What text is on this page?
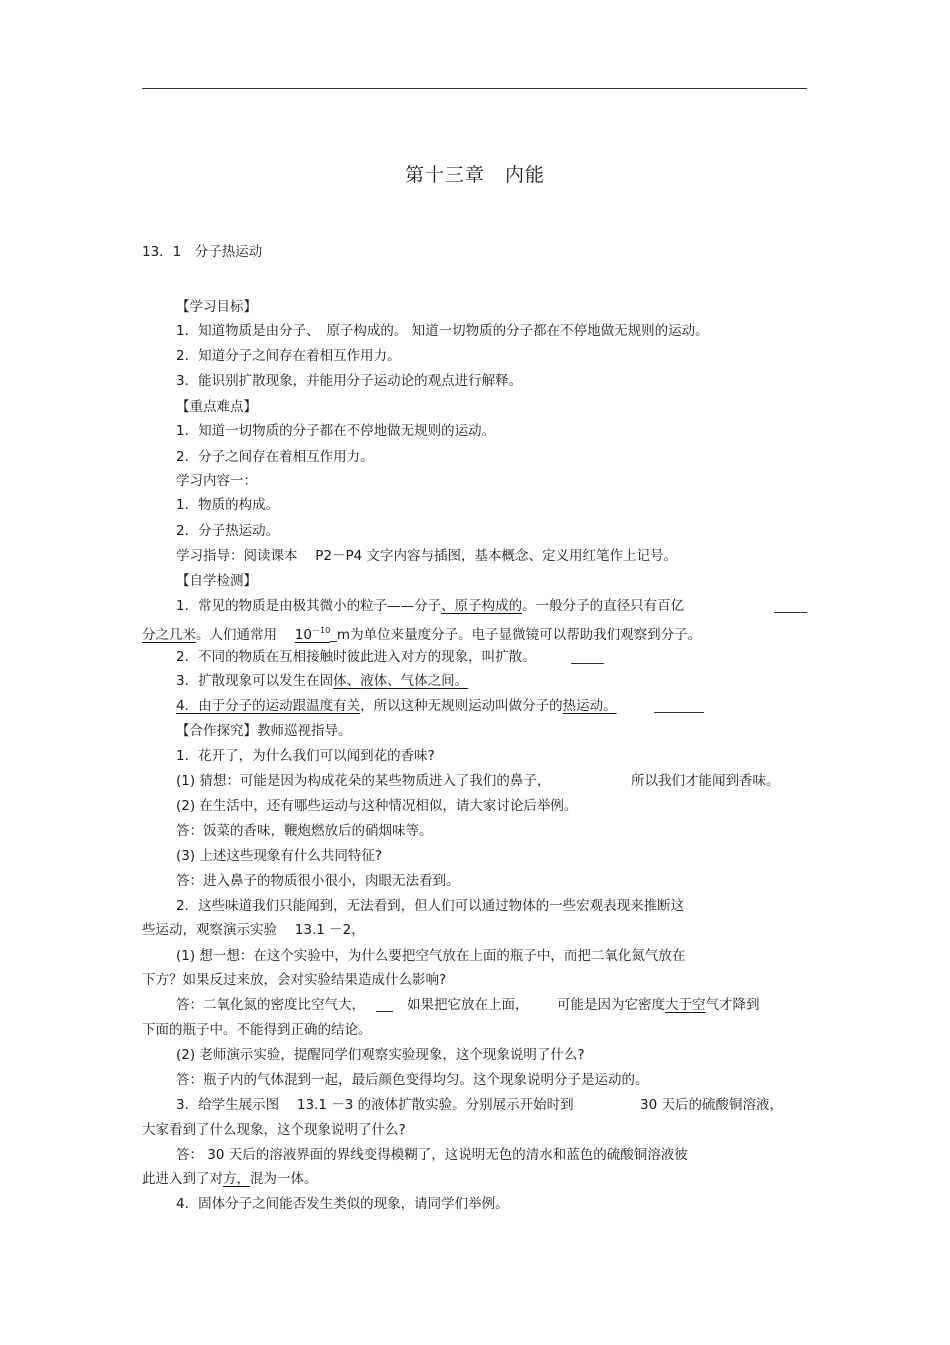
第十三章　内能
13．1　分子热运动
【学习目标】
1．知道物质是由分子、　原子构成的。 知道一切物质的分子都在不停地做无规则的运动。
2．知道分子之间存在着相互作用力。
3．能识别扩散现象，并能用分子运动论的观点进行解释。
【重点难点】
1．知道一切物质的分子都在不停地做无规则的运动。
2．分子之间存在着相互作用力。
学习内容一：
1．物质的构成。
2．分子热运动。
学习指导：阅读课本　 P2－P4 文字内容与插图，基本概念、定义用红笔作上记号。
【自学检测】
1．常见的物质是由极其微小的粒子——分子、原子构成的。一般分子的直径只有百亿
分之几米。人们通常用　 $10^{-10}\_m$为单位来量度分子。电子显微镜可以帮助我们观察到分子。
2．不同的物质在互相接触时彼此进入对方的现象，叫扩散。
3．扩散现象可以发生在固体、液体、气体之间。
4．由于分子的运动跟温度有关，所以这种无规则运动叫做分子的热运动。
【合作探究】教师巡视指导。
1．花开了，为什么我们可以闻到花的香味?
(1) 猜想：可能是因为构成花朵的某些物质进入了我们的鼻子，	所以我们才能闻到香味。
(2) 在生活中，还有哪些运动与这种情况相似，请大家讨论后举例。
答：饭菜的香味，鞭炮燃放后的硝烟味等。
(3) 上述这些现象有什么共同特征?
答：进入鼻子的物质很小很小，肉眼无法看到。
2．这些味道我们只能闻到，无法看到，但人们可以通过物体的一些宏观表现来推断这
些运动，观察演示实验　 13.1 －2，
(1) 想一想：在这个实验中，为什么要把空气放在上面的瓶子中，而把二氧化氮气放在
下方？如果反过来放，会对实验结果造成什么影响?
答：二氧化氮的密度比空气大，	如果把它放在上面， 可能是因为它密度大于空气才降到
下面的瓶子中。不能得到正确的结论。
(2) 老师演示实验，提醒同学们观察实验现象，这个现象说明了什么?
答：瓶子内的气体混到一起，最后颜色变得均匀。这个现象说明分子是运动的。
3．给学生展示图　 13.1 －3 的液体扩散实验。分别展示开始时到	30 天后的硫酸铜溶液，
大家看到了什么现象，这个现象说明了什么?
答： 30 天后的溶液界面的界线变得模糊了，这说明无色的清水和蓝色的硫酸铜溶液彼
此进入到了对方，混为一体。
4．固体分子之间能否发生类似的现象，请同学们举例。
